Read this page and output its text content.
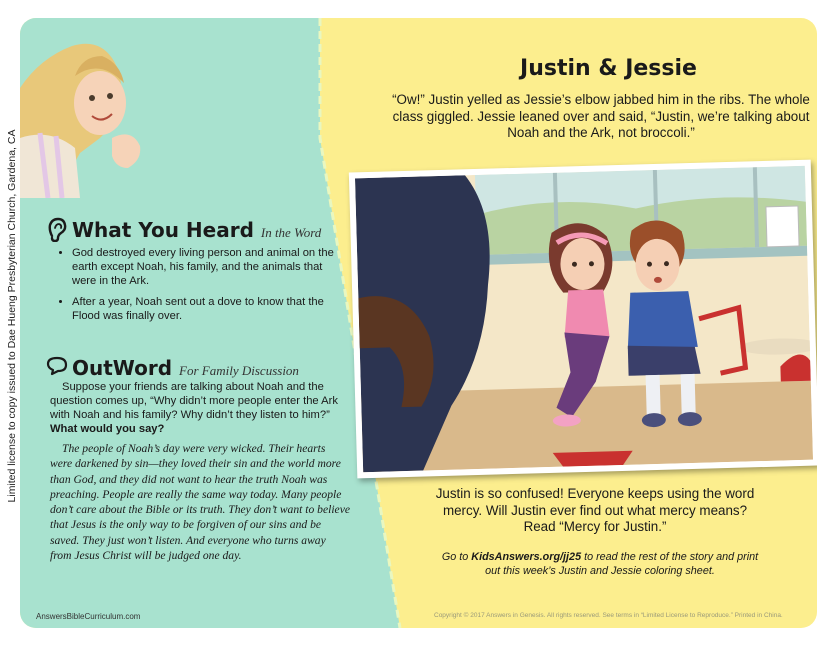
Limited license to copy issued to Dae Hueng Presbyterian Church, Gardena, CA	What You Heard In the Word
• God destroyed every living person and animal on the earth except Noah, his family, and the animals that were in the Ark.
• After a year, Noah sent out a dove to know that the Flood was finally over.
OutWord For Family Discussion

Suppose your friends are talking about Noah and the question comes up, “Why didn’t more people enter the Ark with Noah and his family? Why didn’t they listen to him?” What would you say?

The people of Noah’s day were very wicked. Their hearts were darkened by sin—they loved their sin and the world more than God, and they did not want to hear the truth Noah was preaching. People are really the same way today. Many people don’t care about the Bible or its truth. They don’t want to believe that Jesus is the only way to be forgiven of our sins and be saved. They just won’t listen. And everyone who turns away from Jesus Christ will be judged one day.

AnswersBibleCurriculum.com	Copyright © 2017 Answers in Genesis. All rights reserved. See terms in “Limited License to Reproduce.” Printed in China.
Justin & Jessie

“Ow!” Justin yelled as Jessie’s elbow jabbed him in the ribs. The whole class giggled. Jessie leaned over and said, “Justin, we’re talking about Noah and the Ark, not broccoli.”

Justin is so confused! Everyone keeps using the word mercy. Will Justin ever find out what mercy means? Read “Mercy for Justin.”

Go to KidsAnswers.org/jj25 to read the rest of the story and print out this week’s Justin and Jessie coloring sheet.
